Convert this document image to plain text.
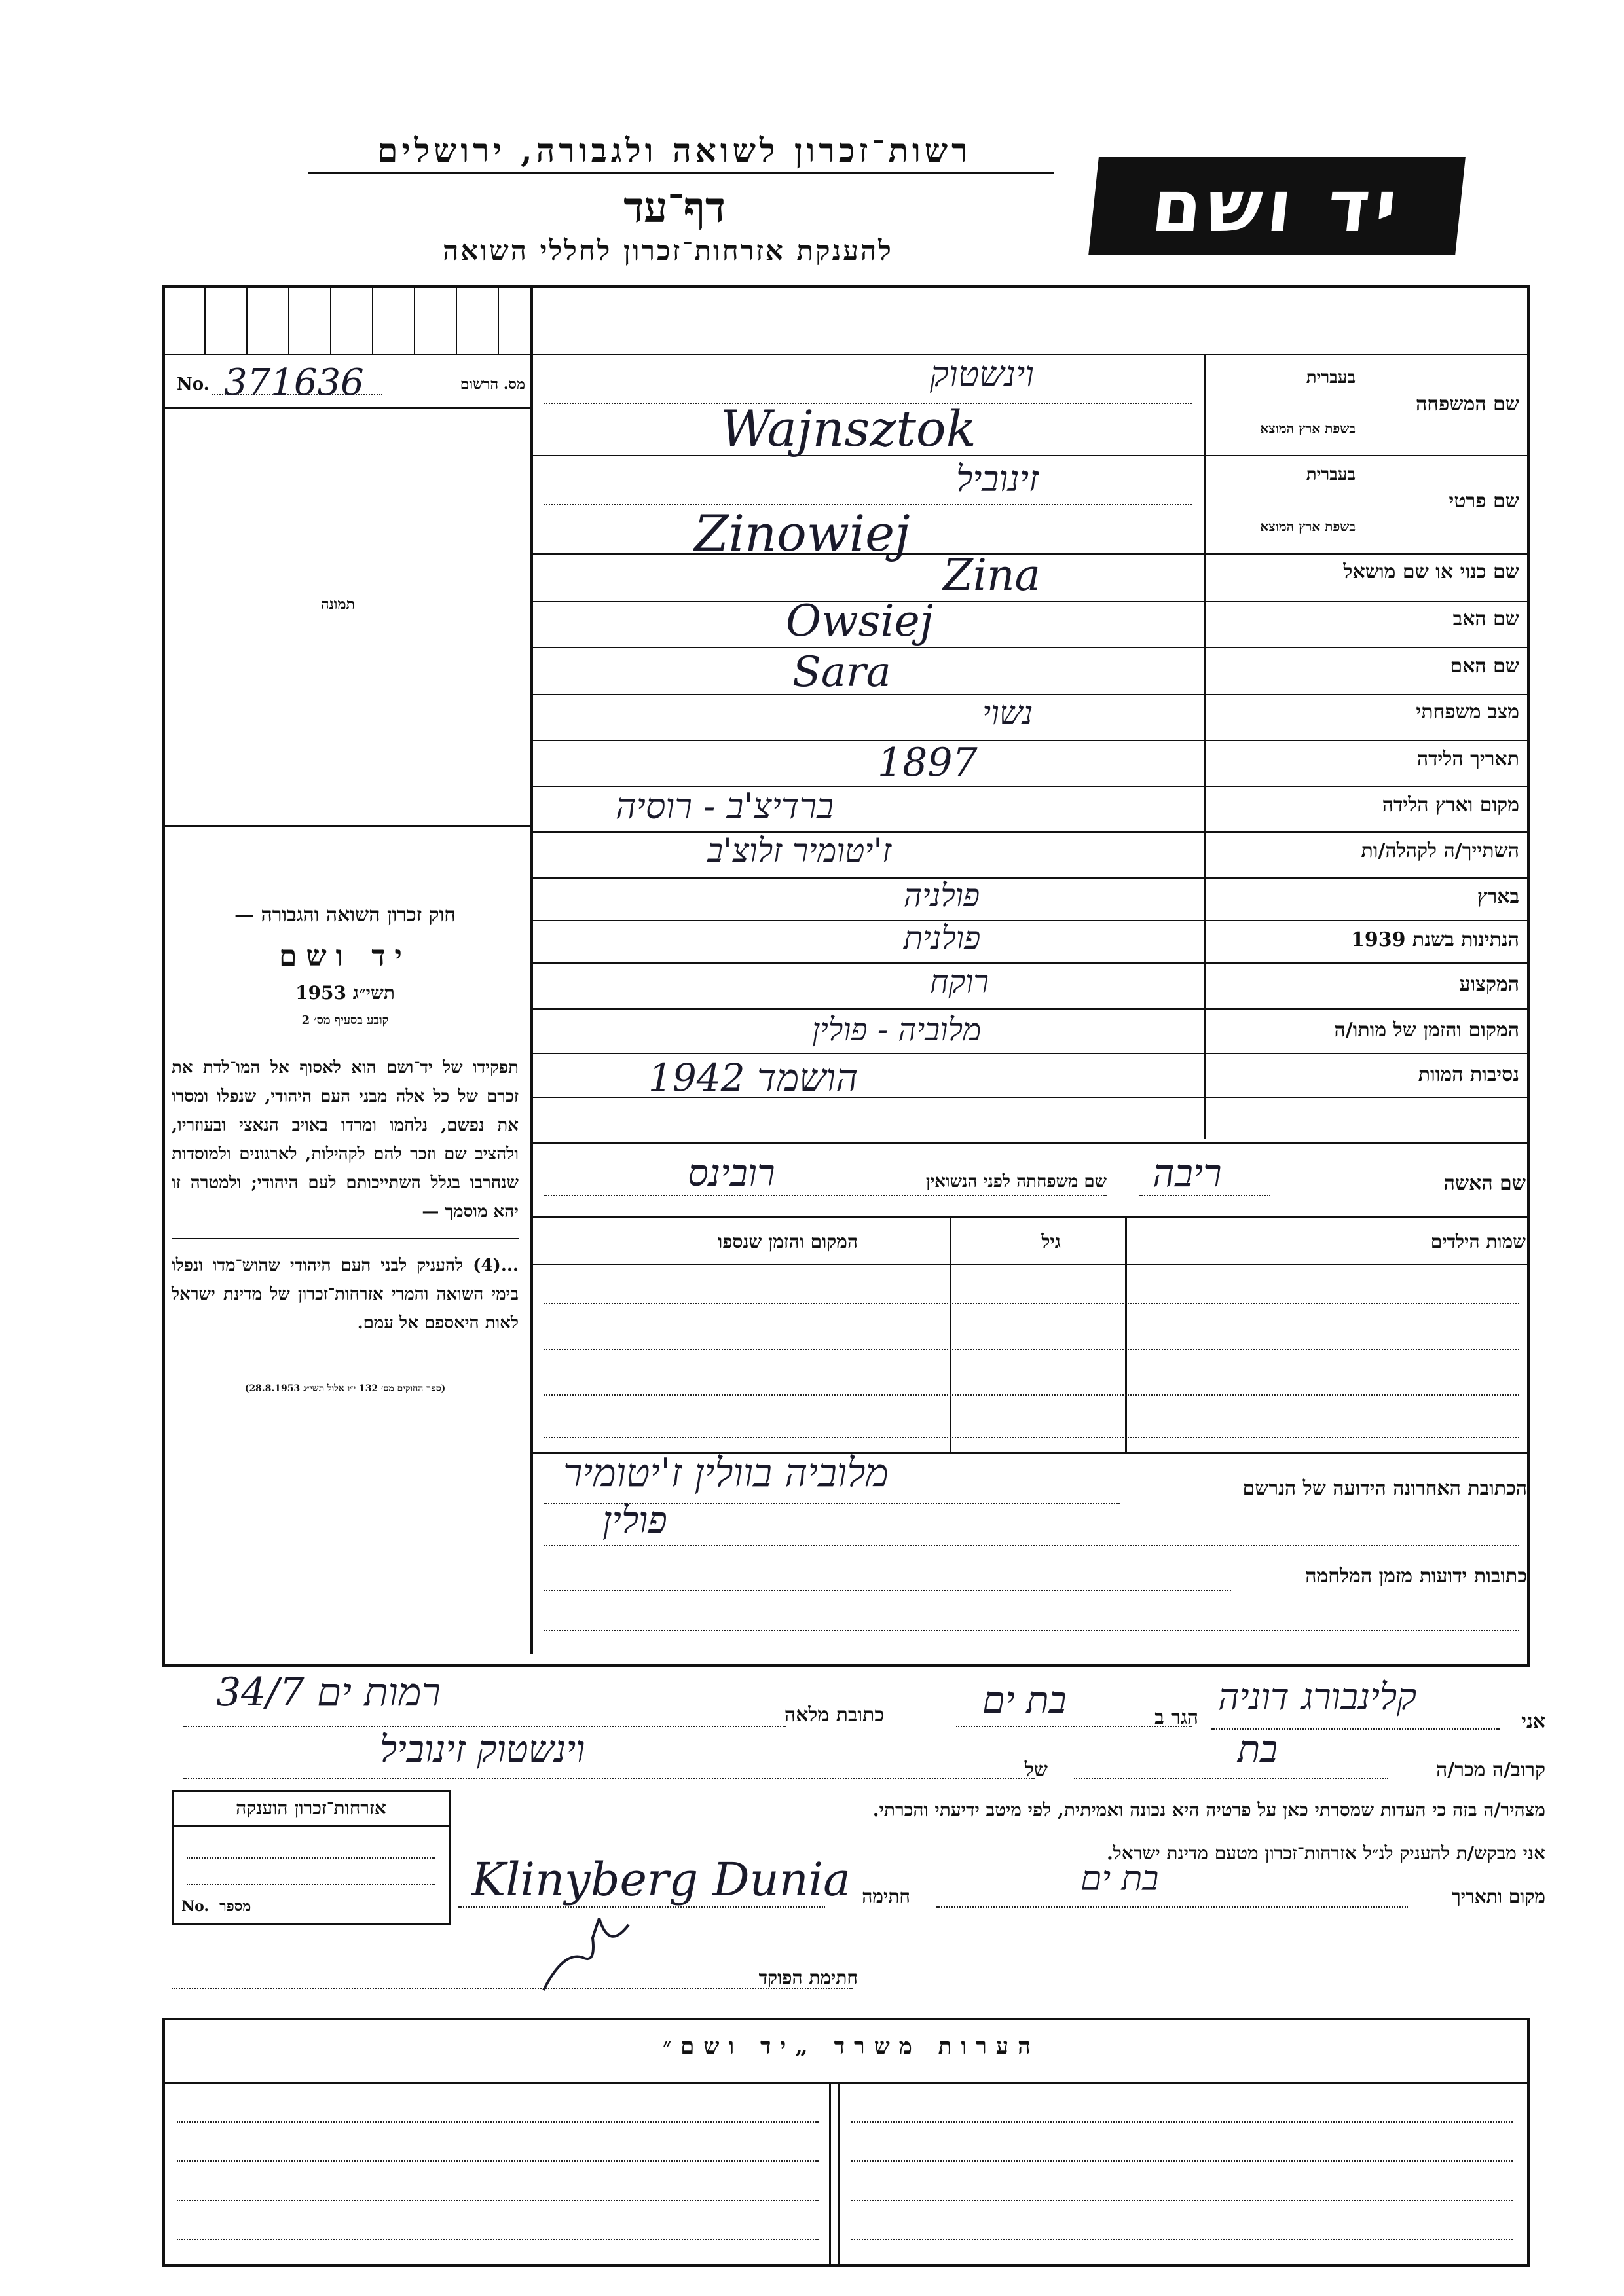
רשות־זכרון לשואה ולגבורה, ירושלים
דף־עד
להענקת אזרחות־זכרון לחללי השואה
יד ושם
No. 371636	מס. הרשום
תמונה
שם המשפחה
בעברית
בשפת ארץ המוצא
וינשטוק
Wajnsztok
שם פרטי
בעברית
בשפת ארץ המוצא
זינוביל
Zinowiej
שם כנוי או שם מושאל
Zina
שם האב
Owsiej
שם האם
Sara
מצב משפחתי
נשוי
תאריך הלידה
1897
מקום וארץ הלידה
ברדיצ'ב - רוסיה
השתייך/ה לקהלה/ות
ז'יטומיר זלוצ'ב
בארץ
פולניה
הנתינות בשנת 1939
פולנית
המקצוע
רוקח
המקום והזמן של מותו/ה
מלוביה - פולין
נסיבות המוות
הושמד 1942
שם האשה
ריבה
שם משפחתה לפני הנשואין
רובינס
שמות הילדים
גיל
המקום והזמן שנספו
חוק זכרון השואה והגבורה —
יד ושם
תשי״ג 1953
קובע בסעיף מס׳ 2
תפקידו של יד־ושם הוא לאסוף אל המו־לדת את זכרם של כל אלה מבני העם היהודי, שנפלו ומסרו את נפשם, נלחמו ומרדו באויב הנאצי ובעוזריו, ולהציב שם וזכר להם לקהילות, לארגונים ולמוסדות שנחרבו בגלל השתייכותם לעם היהודי; ולמטרה זו יהא מוסמך —
...(4) להעניק לבני העם היהודי שהוש־מדו ונפלו בימי השואה והמרי אזרחות־זכרון של מדינת ישראל לאות היאספם אל עמם.
(ספר החוקים מס׳ 132 י״ו אלול תשי״ג 28.8.1953)
הכתובת האחרונה הידועה של הנרשם
מלוביה בוולין ז'יטומיר
פולין
כתובות ידועות מזמן המלחמה
אני
קלינבורג דוניה
הגר ב
בת ים
כתובת מלאה
רמות ים 34/7
קרוב/ה מכר/ה
בת
של
וינשטוק זינוביל
מצהיר/ה בזה כי העדות שמסרתי כאן על פרטיה היא נכונה ואמיתית, לפי מיטב ידיעתי והכרתי.
אני מבקש/ת להעניק לנ״ל אזרחות־זכרון מטעם מדינת ישראל.
מקום ותאריך
בת ים
חתימה
Klinyberg Dunia
חתימת הפוקד
אזרחות־זכרון הוענקה
No. מספר
הערות משרד „יד ושם״
